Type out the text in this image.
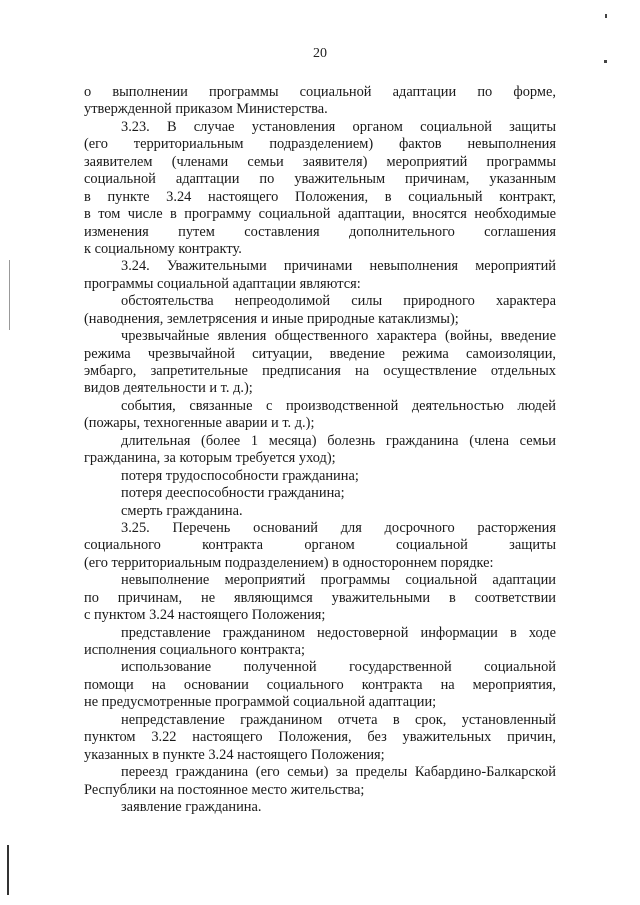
20
о выполнении программы социальной адаптации по форме,
утвержденной приказом Министерства.
3.23. В случае установления органом социальной защиты
(его территориальным подразделением) фактов невыполнения
заявителем (членами семьи заявителя) мероприятий программы
социальной адаптации по уважительным причинам, указанным
в пункте 3.24 настоящего Положения, в социальный контракт,
в том числе в программу социальной адаптации, вносятся необходимые
изменения путем составления дополнительного соглашения
к социальному контракту.
3.24. Уважительными причинами невыполнения мероприятий
программы социальной адаптации являются:
обстоятельства непреодолимой силы природного характера
(наводнения, землетрясения и иные природные катаклизмы);
чрезвычайные явления общественного характера (войны, введение
режима чрезвычайной ситуации, введение режима самоизоляции,
эмбарго, запретительные предписания на осуществление отдельных
видов деятельности и т. д.);
события, связанные с производственной деятельностью людей
(пожары, техногенные аварии и т. д.);
длительная (более 1 месяца) болезнь гражданина (члена семьи
гражданина, за которым требуется уход);
потеря трудоспособности гражданина;
потеря дееспособности гражданина;
смерть гражданина.
3.25. Перечень оснований для досрочного расторжения
социального контракта органом социальной защиты
(его территориальным подразделением) в одностороннем порядке:
невыполнение мероприятий программы социальной адаптации
по причинам, не являющимся уважительными в соответствии
с пунктом 3.24 настоящего Положения;
представление гражданином недостоверной информации в ходе
исполнения социального контракта;
использование полученной государственной социальной
помощи на основании социального контракта на мероприятия,
не предусмотренные программой социальной адаптации;
непредставление гражданином отчета в срок, установленный
пунктом 3.22 настоящего Положения, без уважительных причин,
указанных в пункте 3.24 настоящего Положения;
переезд гражданина (его семьи) за пределы Кабардино-Балкарской
Республики на постоянное место жительства;
заявление гражданина.
